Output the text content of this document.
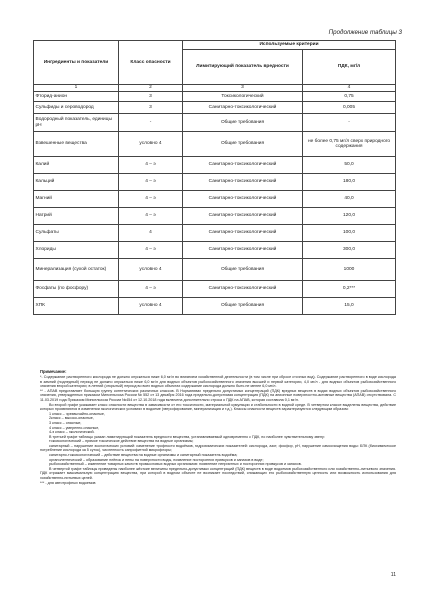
Продолжение таблицы 3
Ингредиенты и показатели	Класс опасности	Используемые критерии	
		Лимитирующий показатель вредности	ПДК, мг/л
1	2	3	4
Фторид-анион	3	Токсикологический	0,75
Сульфиды и сероводород	3	Санитарно-токсикологический	0,005
Водородный показатель, единицы pH	-	Общие требования	-
Взвешенные вещества	условно 4	Общие требования	не более 0,75 мг/л сверх природного содержания
Калий	4 – э	Санитарно-токсикологический	50,0
Кальций	4 – э	Санитарно-токсикологический	180,0
Магний	4 – э	Санитарно-токсикологический	40,0
Натрий	4 – э	Санитарно-токсикологический	120,0
Сульфаты	4	Санитарно-токсикологический	100,0
Хлориды	4 – э	Санитарно-токсикологический	300,0
Минерализация (сухой остаток)	условно 4	Общие требования	1000
Фосфаты (по фосфору)	4 – э	Санитарно-токсикологический	0,2***
ХПК	условно 4	Общие требования	15,0

Примечание:

*- Содержание растворенного кислорода не должно опускаться ниже 6,0 мг/л во влиянием хозяйственной деятельности (в том числе при сбросе сточных вод). Содержание растворенного в воде кислорода в зимний (подледный) период не должно опускаться ниже 6,0 мг/л для водных объектов рыбохозяйственного значения высшей и первой категории, 4,0 мг/л - для водных объектов рыбохозяйственного значения второй категории; в летний (открытый) период во всех водных объектах содержание кислорода должно быть не менее 6,0 мг/л.

** - АПАВ представляет большую группу синтетических различных классов. В Нормативах предельно допустимых концентраций (ПДК) вредных веществ в водах водных объектов рыбохозяйственного значения, утвержденных приказом Минсельхоза России № 552 от 13 декабря 2016 года предельно-допустимая концентрация (ПДК) на анионные поверхностно-активные вещества (АПАВ) отсутствовала. С 11.03.2019 года Приказом Минсельхоза России №454 от 12.10.2018 года включена дополнительно строка о ПДК на АПАВ, которая составила 0,1 мг/л.

Во второй графе указывает класс опасности вещества в зависимости от его токсичности, материальной кумуляции и стабильности в водной среде. В четвертом классе выделены вещества, действие которых проявляются в изменении экологических условиях в водоеме (эвтрофирование, минерализация и т.д.). Классы опасности веществ характеризуются следующим образом:

1 класс – чрезвычайно-опасные,

2класс – высоко-опасные,

3 класс – опасные,

4 класс – умеренно-опасные,

4-э класс – экологический.

В третьей графе таблицы указан лимитирующий показатель вредности вещества, устанавливаемый одновременно с ПДК, по наиболее чувствительному звену:

токсикологический – прямое токсическое действие вещества на водные организмы;

санитарный – нарушение экологических условий: изменение трофности водоёмов, гидрохимических показателей: кислорода, азот, фосфор, pH, нарушение самоочищения воды: БПК (биохимическое потребление кислорода за 5 суток), численность сапрофитной микрофлоры;

санитарно-токсикологический – действие вещества на водные организмы и санитарный показатель водоёма;

органолептический – образование плёнок и пены на поверхности воды, появление посторонних привкусов и запахов в воде;

рыбохозяйственный – изменение товарных качеств промысловых водных организмов: появление неприятных и посторонних привкусов и запахов.

В четвертой графе таблицы приведены наиболее жёсткие величины предельно-допустимых концентраций (ПДК) веществ в воде водоемов рыбохозяйственного или хозяйственно–питьевого значения. ПДК отражает максимальную концентрацию вещества, при которой в водном объекте не возникает последствий, снижающих его рыбохозяйственную ценность или возможность использования для хозяйственно-питьевых целей.

*** - для автотрофных водоемов

11
